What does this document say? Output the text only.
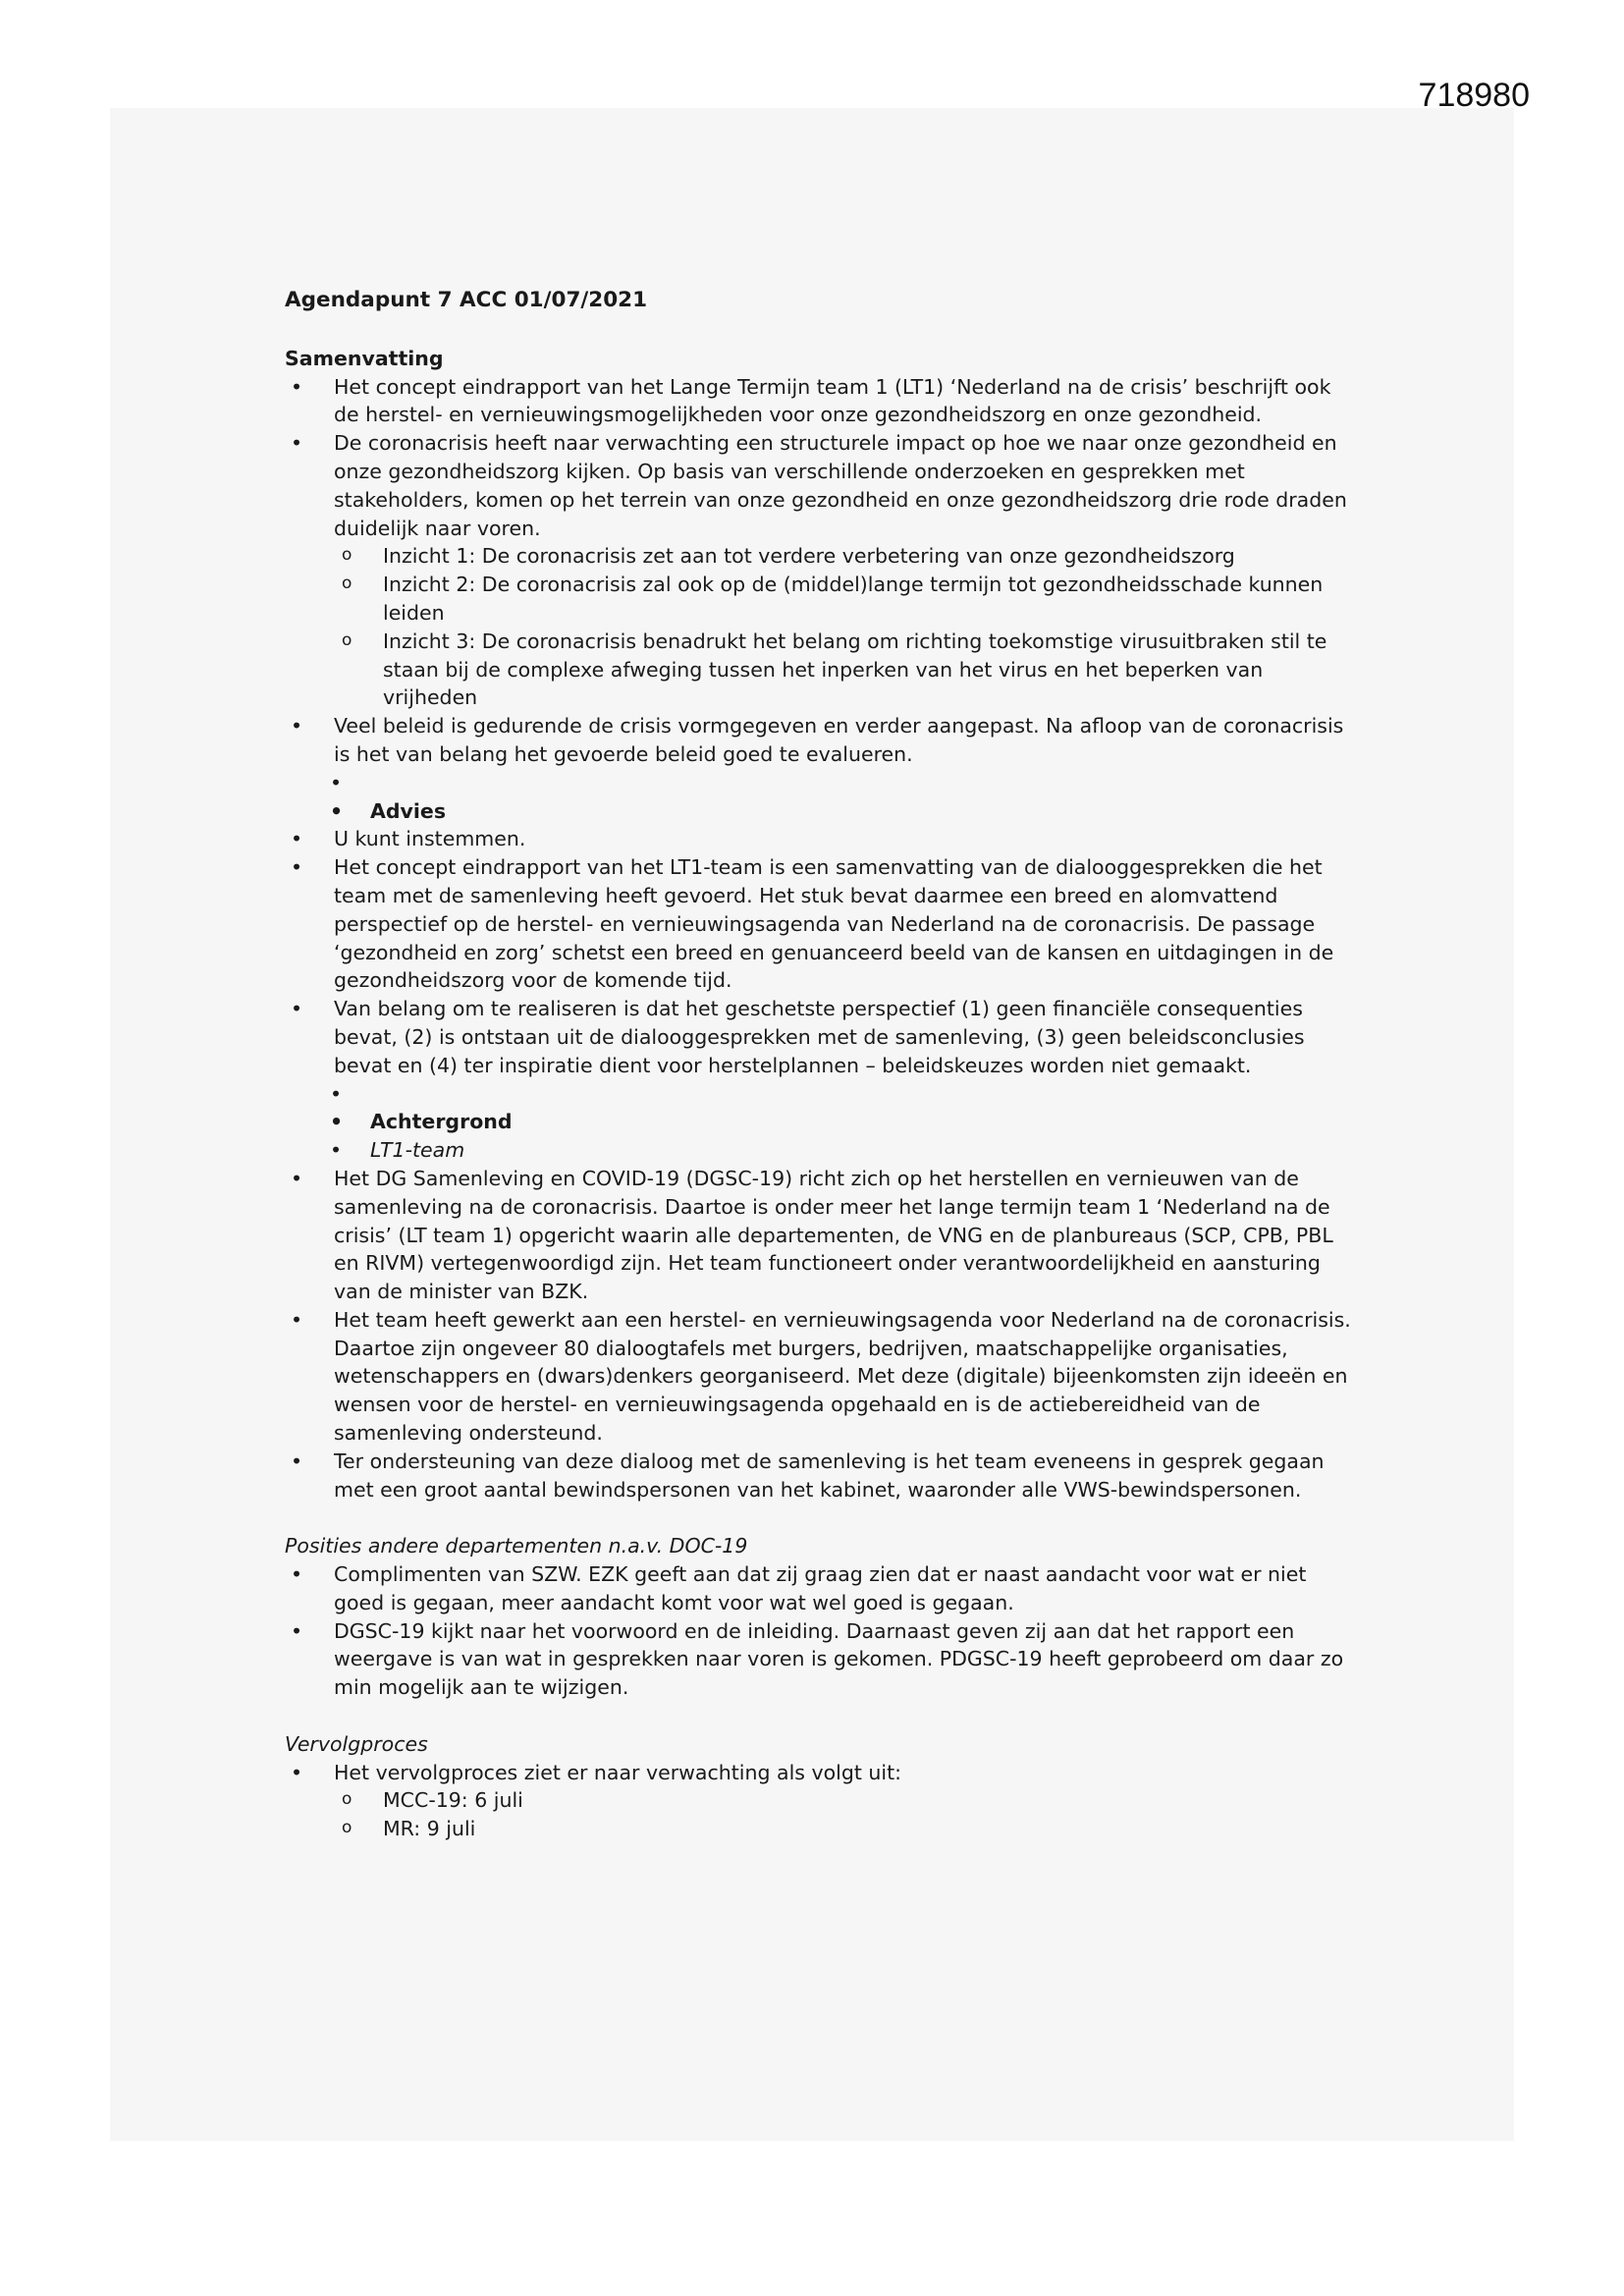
718980

Agendapunt 7 ACC 01/07/2021

Samenvatting

• Het concept eindrapport van het Lange Termijn team 1 (LT1) ‘Nederland na de crisis’ beschrijft ook de herstel- en vernieuwingsmogelijkheden voor onze gezondheidszorg en onze gezondheid.

• De coronacrisis heeft naar verwachting een structurele impact op hoe we naar onze gezondheid en onze gezondheidszorg kijken. Op basis van verschillende onderzoeken en gesprekken met stakeholders, komen op het terrein van onze gezondheid en onze gezondheidszorg drie rode draden duidelijk naar voren.

o Inzicht 1: De coronacrisis zet aan tot verdere verbetering van onze gezondheidszorg

o Inzicht 2: De coronacrisis zal ook op de (middel)lange termijn tot gezondheidsschade kunnen leiden

o Inzicht 3: De coronacrisis benadrukt het belang om richting toekomstige virusuitbraken stil te staan bij de complexe afweging tussen het inperken van het virus en het beperken van vrijheden

• Veel beleid is gedurende de crisis vormgegeven en verder aangepast. Na afloop van de coronacrisis is het van belang het gevoerde beleid goed te evalueren.

•

• Advies

• U kunt instemmen.

• Het concept eindrapport van het LT1-team is een samenvatting van de dialooggesprekken die het team met de samenleving heeft gevoerd. Het stuk bevat daarmee een breed en alomvattend perspectief op de herstel- en vernieuwingsagenda van Nederland na de coronacrisis. De passage ‘gezondheid en zorg’ schetst een breed en genuanceerd beeld van de kansen en uitdagingen in de gezondheidszorg voor de komende tijd.

• Van belang om te realiseren is dat het geschetste perspectief (1) geen financiële consequenties bevat, (2) is ontstaan uit de dialooggesprekken met de samenleving, (3) geen beleidsconclusies bevat en (4) ter inspiratie dient voor herstelplannen – beleidskeuzes worden niet gemaakt.

•

• Achtergrond

• LT1-team

• Het DG Samenleving en COVID-19 (DGSC-19) richt zich op het herstellen en vernieuwen van de samenleving na de coronacrisis. Daartoe is onder meer het lange termijn team 1 ‘Nederland na de crisis’ (LT team 1) opgericht waarin alle departementen, de VNG en de planbureaus (SCP, CPB, PBL en RIVM) vertegenwoordigd zijn. Het team functioneert onder verantwoordelijkheid en aansturing van de minister van BZK.

• Het team heeft gewerkt aan een herstel- en vernieuwingsagenda voor Nederland na de coronacrisis. Daartoe zijn ongeveer 80 dialoogtafels met burgers, bedrijven, maatschappelijke organisaties, wetenschappers en (dwars)denkers georganiseerd. Met deze (digitale) bijeenkomsten zijn ideeën en wensen voor de herstel- en vernieuwingsagenda opgehaald en is de actiebereidheid van de samenleving ondersteund.

• Ter ondersteuning van deze dialoog met de samenleving is het team eveneens in gesprek gegaan met een groot aantal bewindspersonen van het kabinet, waaronder alle VWS-bewindspersonen.

Posities andere departementen n.a.v. DOC-19

• Complimenten van SZW. EZK geeft aan dat zij graag zien dat er naast aandacht voor wat er niet goed is gegaan, meer aandacht komt voor wat wel goed is gegaan.

• DGSC-19 kijkt naar het voorwoord en de inleiding. Daarnaast geven zij aan dat het rapport een weergave is van wat in gesprekken naar voren is gekomen. PDGSC-19 heeft geprobeerd om daar zo min mogelijk aan te wijzigen.

Vervolgproces

• Het vervolgproces ziet er naar verwachting als volgt uit:

o MCC-19: 6 juli

o MR: 9 juli
